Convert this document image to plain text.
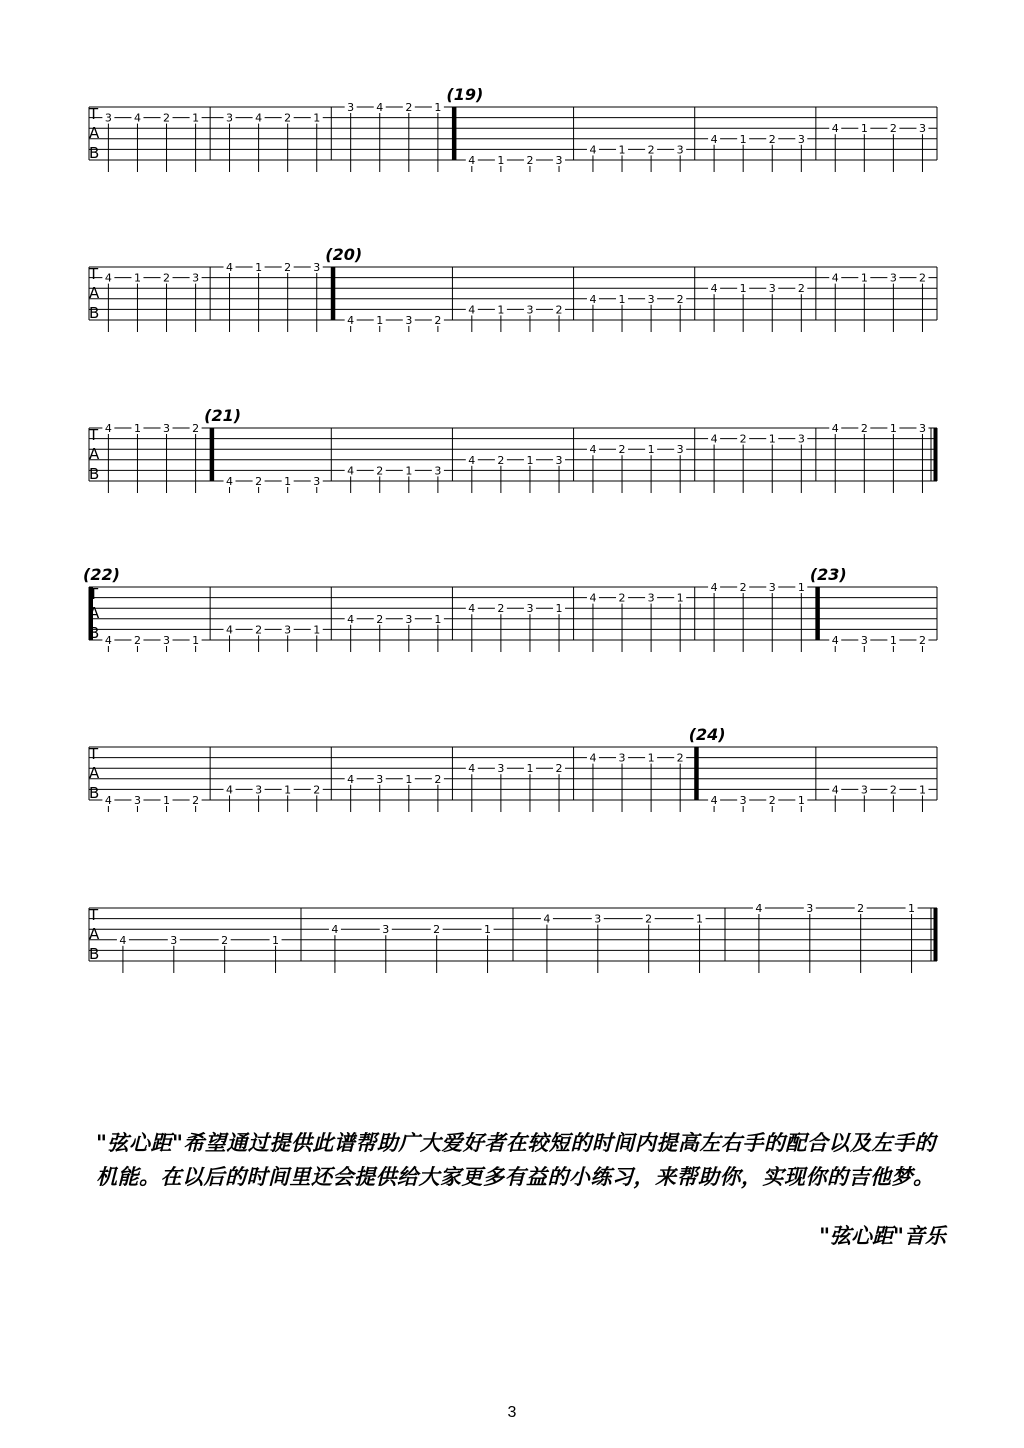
T
A
B
3 4 2 1 3 4 2 1
3 4 2 1
(19)
4 1 2 3
4 1 2 3
4 1 2 3
4 1 2 3
T
A
B
4 1 2 3
4 1 2 3
(20)
4 1 3 2
4 1 3 2
4 1 3 2
4 1 3 2
4 1 3 2
T
A
B
4 1 3 2
(21)
4 2 1 3
4 2 1 3
4 2 1 3
4 2 1 3
4 2 1 3
4 2 1 3
T
A
B
(22)
4 2 3 1
4 2 3 1
4 2 3 1
4 2 3 1
4 2 3 1
4 2 3 1
(23)
4 3 1 2
T
A
B 4 3 1 2
4 3 1 2
4 3 1 2
4 3 1 2
4 3 1 2
(24)
4 3 2 1
4 3 2 1
T
A
B
4	3	2	1
4	3	2	1
4	3	2	1
4	3	2	1
"弦心距"希望通过提供此谱帮助广大爱好者在较短的时间内提高左右手的配合以及左手的机能。在以后的时间里还会提供给大家更多有益的小练习，来帮助你，实现你的吉他梦。
"弦心距"音乐
3
